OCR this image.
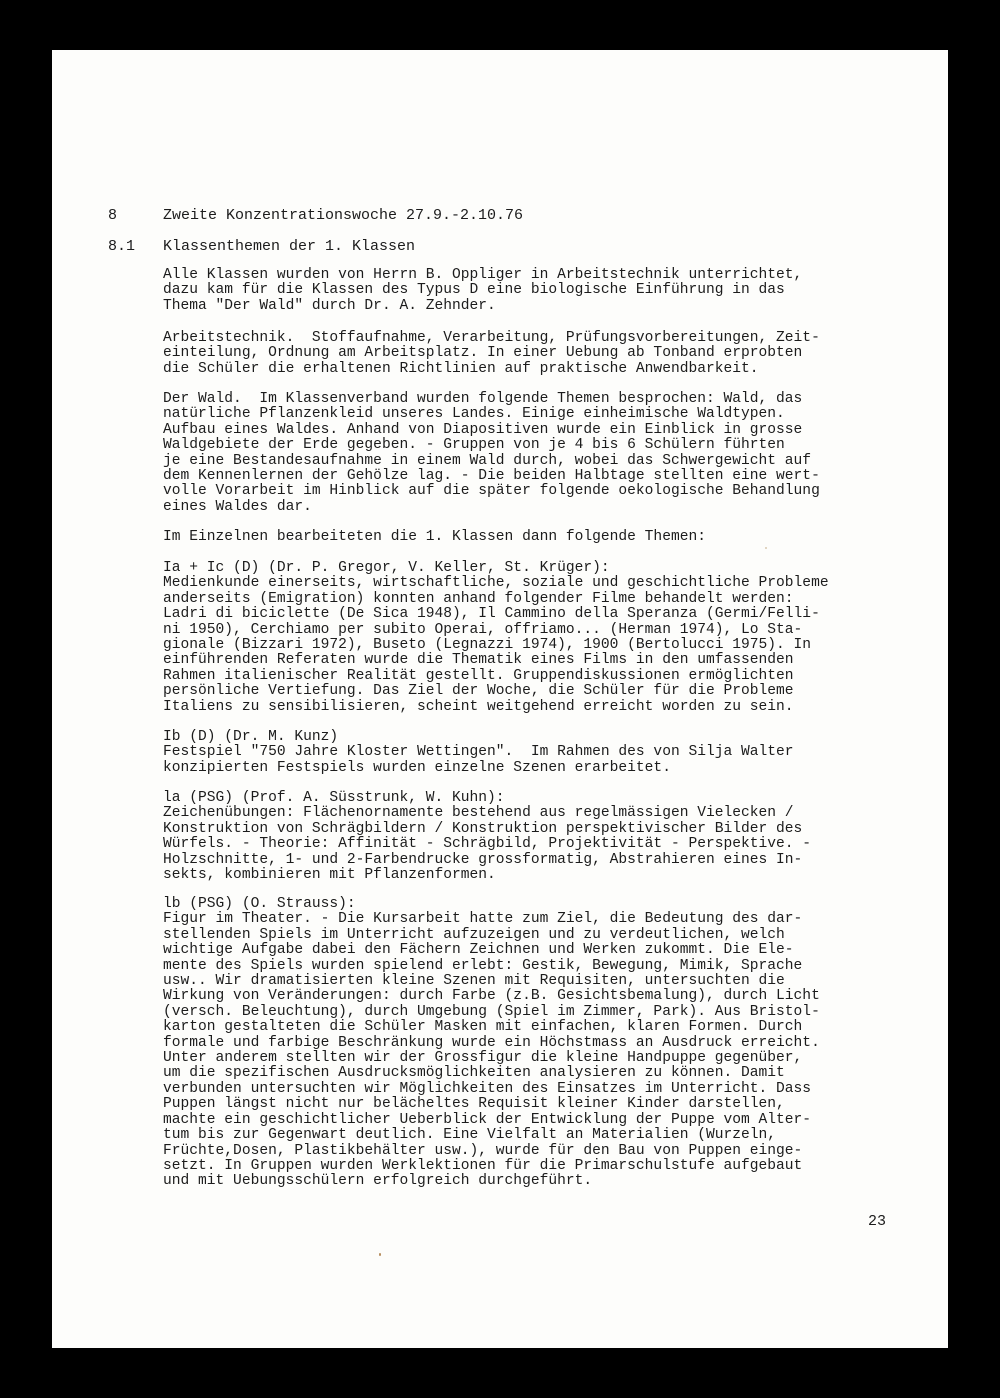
8	Zweite Konzentrationswoche 27.9.-2.10.76
8.1 Klassenthemen der 1. Klassen
Alle Klassen wurden von Herrn B. Oppliger in Arbeitstechnik unterrichtet,
dazu kam für die Klassen des Typus D eine biologische Einführung in das
Thema "Der Wald" durch Dr. A. Zehnder.
Arbeitstechnik.  Stoffaufnahme, Verarbeitung, Prüfungsvorbereitungen, Zeit-
einteilung, Ordnung am Arbeitsplatz. In einer Uebung ab Tonband erprobten
die Schüler die erhaltenen Richtlinien auf praktische Anwendbarkeit.
Der Wald.  Im Klassenverband wurden folgende Themen besprochen: Wald, das
natürliche Pflanzenkleid unseres Landes. Einige einheimische Waldtypen.
Aufbau eines Waldes. Anhand von Diapositiven wurde ein Einblick in grosse
Waldgebiete der Erde gegeben. - Gruppen von je 4 bis 6 Schülern führten
je eine Bestandesaufnahme in einem Wald durch, wobei das Schwergewicht auf
dem Kennenlernen der Gehölze lag. - Die beiden Halbtage stellten eine wert-
volle Vorarbeit im Hinblick auf die später folgende oekologische Behandlung
eines Waldes dar.
Im Einzelnen bearbeiteten die 1. Klassen dann folgende Themen:
Ia + Ic (D) (Dr. P. Gregor, V. Keller, St. Krüger):
Medienkunde einerseits, wirtschaftliche, soziale und geschichtliche Probleme
anderseits (Emigration) konnten anhand folgender Filme behandelt werden:
Ladri di biciclette (De Sica 1948), Il Cammino della Speranza (Germi/Felli-
ni 1950), Cerchiamo per subito Operai, offriamo... (Herman 1974), Lo Sta-
gionale (Bizzari 1972), Buseto (Legnazzi 1974), 1900 (Bertolucci 1975). In
einführenden Referaten wurde die Thematik eines Films in den umfassenden
Rahmen italienischer Realität gestellt. Gruppendiskussionen ermöglichten
persönliche Vertiefung. Das Ziel der Woche, die Schüler für die Probleme
Italiens zu sensibilisieren, scheint weitgehend erreicht worden zu sein.
Ib (D) (Dr. M. Kunz)
Festspiel "750 Jahre Kloster Wettingen".  Im Rahmen des von Silja Walter
konzipierten Festspiels wurden einzelne Szenen erarbeitet.
la (PSG) (Prof. A. Süsstrunk, W. Kuhn):
Zeichenübungen: Flächenornamente bestehend aus regelmässigen Vielecken /
Konstruktion von Schrägbildern / Konstruktion perspektivischer Bilder des
Würfels. - Theorie: Affinität - Schrägbild, Projektivität - Perspektive. -
Holzschnitte, 1- und 2-Farbendrucke grossformatig, Abstrahieren eines In-
sekts, kombinieren mit Pflanzenformen.
lb (PSG) (O. Strauss):
Figur im Theater. - Die Kursarbeit hatte zum Ziel, die Bedeutung des dar-
stellenden Spiels im Unterricht aufzuzeigen und zu verdeutlichen, welch
wichtige Aufgabe dabei den Fächern Zeichnen und Werken zukommt. Die Ele-
mente des Spiels wurden spielend erlebt: Gestik, Bewegung, Mimik, Sprache
usw.. Wir dramatisierten kleine Szenen mit Requisiten, untersuchten die
Wirkung von Veränderungen: durch Farbe (z.B. Gesichtsbemalung), durch Licht
(versch. Beleuchtung), durch Umgebung (Spiel im Zimmer, Park). Aus Bristol-
karton gestalteten die Schüler Masken mit einfachen, klaren Formen. Durch
formale und farbige Beschränkung wurde ein Höchstmass an Ausdruck erreicht.
Unter anderem stellten wir der Grossfigur die kleine Handpuppe gegenüber,
um die spezifischen Ausdrucksmöglichkeiten analysieren zu können. Damit
verbunden untersuchten wir Möglichkeiten des Einsatzes im Unterricht. Dass
Puppen längst nicht nur belächeltes Requisit kleiner Kinder darstellen,
machte ein geschichtlicher Ueberblick der Entwicklung der Puppe vom Alter-
tum bis zur Gegenwart deutlich. Eine Vielfalt an Materialien (Wurzeln,
Früchte,Dosen, Plastikbehälter usw.), wurde für den Bau von Puppen einge-
setzt. In Gruppen wurden Werklektionen für die Primarschulstufe aufgebaut
und mit Uebungsschülern erfolgreich durchgeführt.
23
